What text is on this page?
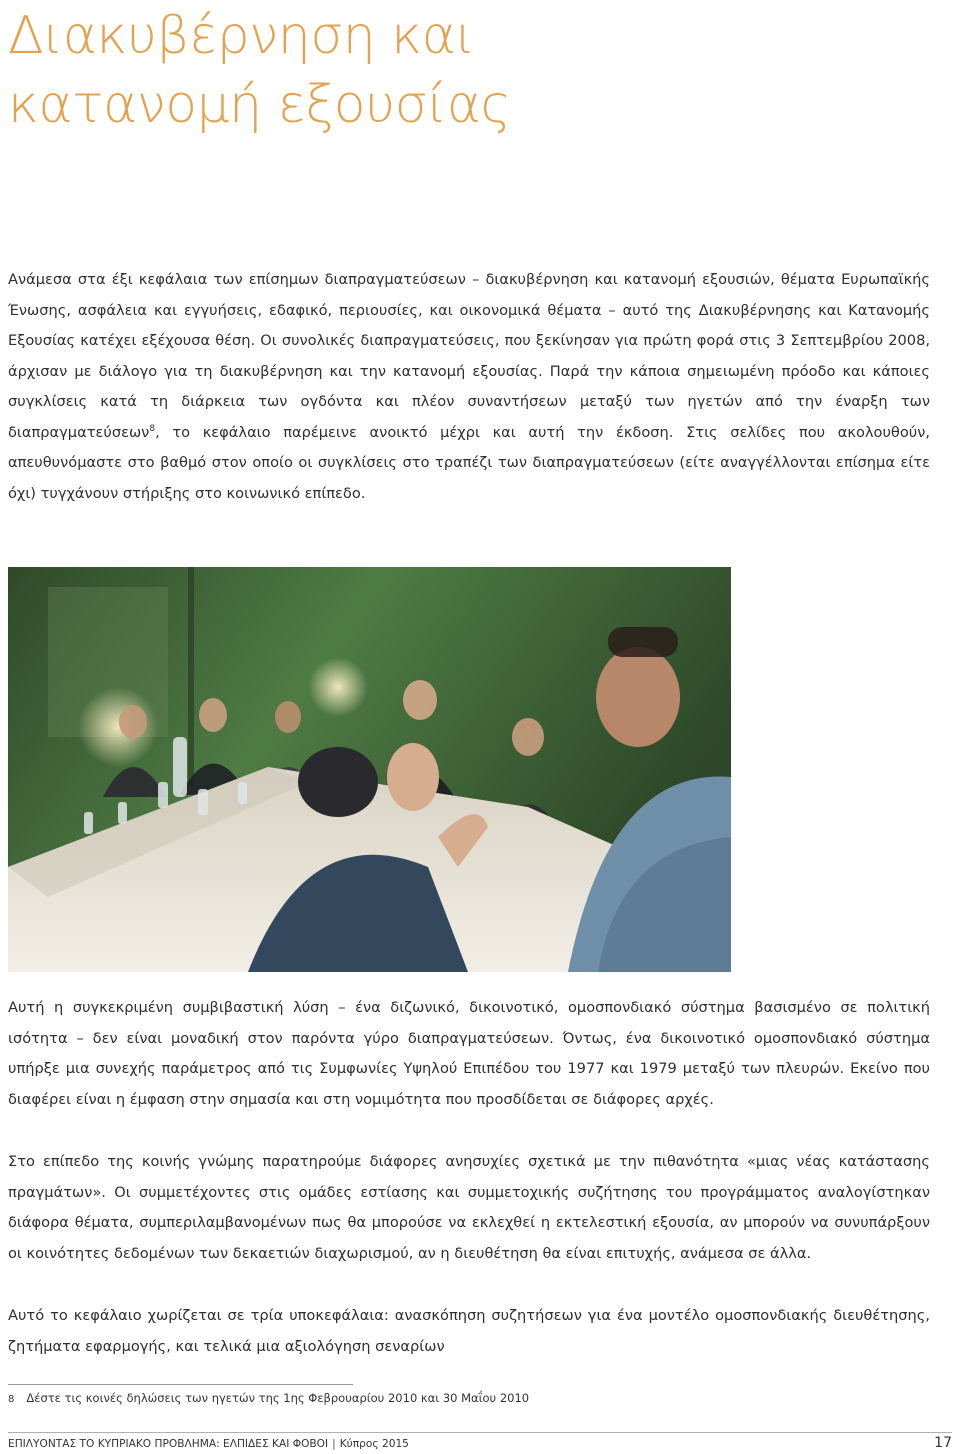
Διακυβέρνηση και
κατανομή εξουσίας

Ανάμεσα στα έξι κεφάλαια των επίσημων διαπραγματεύσεων – διακυβέρνηση και κατανομή εξουσιών, θέματα Ευρωπαϊκής Ένωσης, ασφάλεια και εγγυήσεις, εδαφικό, περιουσίες, και οικονομικά θέματα – αυτό της Διακυβέρνησης και Κατανομής Εξουσίας κατέχει εξέχουσα θέση. Οι συνολικές διαπραγματεύσεις, που ξεκίνησαν για πρώτη φορά στις 3 Σεπτεμβρίου 2008, άρχισαν με διάλογο για τη διακυβέρνηση και την κατανομή εξουσίας. Παρά την κάποια σημειωμένη πρόοδο και κάποιες συγκλίσεις κατά τη διάρκεια των ογδόντα και πλέον συναντήσεων μεταξύ των ηγετών από την έναρξη των διαπραγματεύσεων$^8$, το κεφάλαιο παρέμεινε ανοικτό μέχρι και αυτή την έκδοση. Στις σελίδες που ακολουθούν, απευθυνόμαστε στο βαθμό στον οποίο οι συγκλίσεις στο τραπέζι των διαπραγματεύσεων (είτε αναγγέλλονται επίσημα είτε όχι) τυγχάνουν στήριξης στο κοινωνικό επίπεδο.

Αυτή η συγκεκριμένη συμβιβαστική λύση – ένα διζωνικό, δικοινοτικό, ομοσπονδιακό σύστημα βασισμένο σε πολιτική ισότητα – δεν είναι μοναδική στον παρόντα γύρο διαπραγματεύσεων. Όντως, ένα δικοινοτικό ομοσπονδιακό σύστημα υπήρξε μια συνεχής παράμετρος από τις Συμφωνίες Υψηλού Επιπέδου του 1977 και 1979 μεταξύ των πλευρών. Εκείνο που διαφέρει είναι η έμφαση στην σημασία και στη νομιμότητα που προσδίδεται σε διάφορες αρχές.

Στο επίπεδο της κοινής γνώμης παρατηρούμε διάφορες ανησυχίες σχετικά με την πιθανότητα «μιας νέας κατάστασης πραγμάτων». Οι συμμετέχοντες στις ομάδες εστίασης και συμμετοχικής συζήτησης του προγράμματος αναλογίστηκαν διάφορα θέματα, συμπεριλαμβανομένων πως θα μπορούσε να εκλεχθεί η εκτελεστική εξουσία, αν μπορούν να συνυπάρξουν οι κοινότητες δεδομένων των δεκαετιών διαχωρισμού, αν η διευθέτηση θα είναι επιτυχής, ανάμεσα σε άλλα.

Αυτό το κεφάλαιο χωρίζεται σε τρία υποκεφάλαια: ανασκόπηση συζητήσεων για ένα μοντέλο ομοσπονδιακής διευθέτησης, ζητήματα εφαρμογής, και τελικά μια αξιολόγηση σεναρίων

8 Δέστε τις κοινές δηλώσεις των ηγετών της 1ης Φεβρουαρίου 2010 και 30 Μαΐου 2010

ΕΠΙΛΥΟΝΤΑΣ ΤΟ ΚΥΠΡΙΑΚΟ ΠΡΟΒΛΗΜΑ: ΕΛΠΙΔΕΣ ΚΑΙ ΦΟΒΟΙ | Κύπρος 2015	17
